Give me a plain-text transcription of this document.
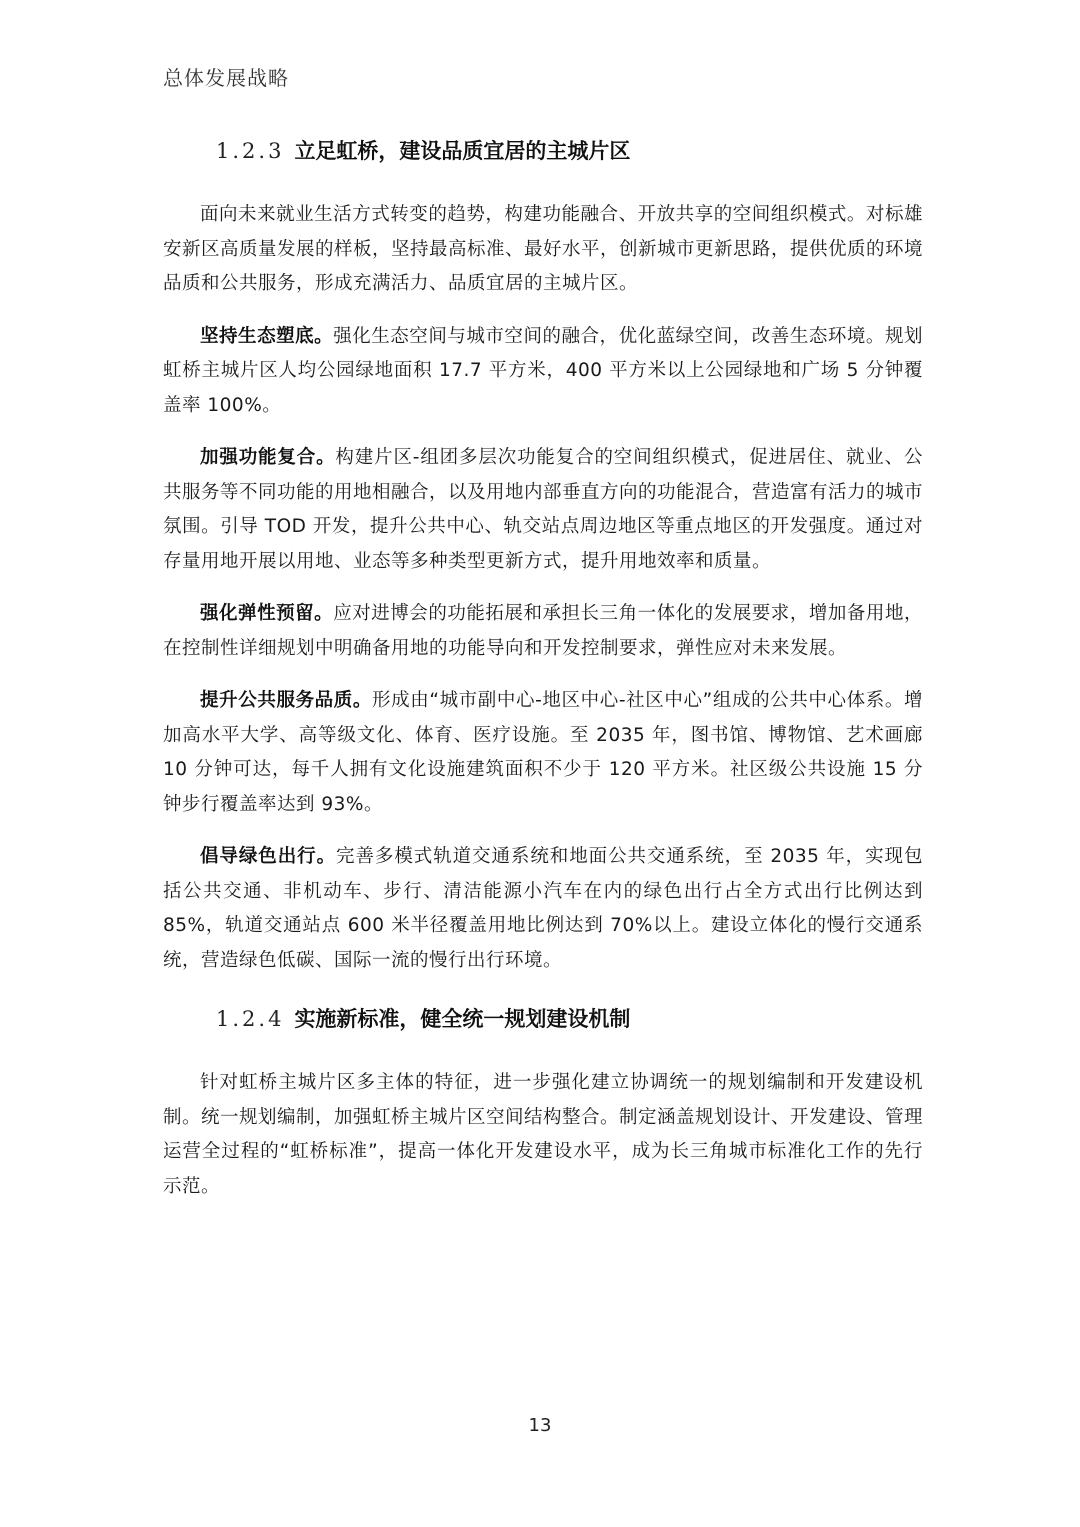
总体发展战略
1.2.3 立足虹桥，建设品质宜居的主城片区

面向未来就业生活方式转变的趋势，构建功能融合、开放共享的空间组织模式。对标雄安新区高质量发展的样板，坚持最高标准、最好水平，创新城市更新思路，提供优质的环境品质和公共服务，形成充满活力、品质宜居的主城片区。

坚持生态塑底。强化生态空间与城市空间的融合，优化蓝绿空间，改善生态环境。规划虹桥主城片区人均公园绿地面积 17.7 平方米，400 平方米以上公园绿地和广场 5 分钟覆盖率 100%。

加强功能复合。构建片区-组团多层次功能复合的空间组织模式，促进居住、就业、公共服务等不同功能的用地相融合，以及用地内部垂直方向的功能混合，营造富有活力的城市氛围。引导 TOD 开发，提升公共中心、轨交站点周边地区等重点地区的开发强度。通过对存量用地开展以用地、业态等多种类型更新方式，提升用地效率和质量。

强化弹性预留。应对进博会的功能拓展和承担长三角一体化的发展要求，增加备用地，在控制性详细规划中明确备用地的功能导向和开发控制要求，弹性应对未来发展。

提升公共服务品质。形成由“城市副中心-地区中心-社区中心”组成的公共中心体系。增加高水平大学、高等级文化、体育、医疗设施。至 2035 年，图书馆、博物馆、艺术画廊 10 分钟可达，每千人拥有文化设施建筑面积不少于 120 平方米。社区级公共设施 15 分钟步行覆盖率达到 93%。

倡导绿色出行。完善多模式轨道交通系统和地面公共交通系统，至 2035 年，实现包括公共交通、非机动车、步行、清洁能源小汽车在内的绿色出行占全方式出行比例达到 85%，轨道交通站点 600 米半径覆盖用地比例达到 70%以上。建设立体化的慢行交通系统，营造绿色低碳、国际一流的慢行出行环境。

1.2.4 实施新标准，健全统一规划建设机制

针对虹桥主城片区多主体的特征，进一步强化建立协调统一的规划编制和开发建设机制。统一规划编制，加强虹桥主城片区空间结构整合。制定涵盖规划设计、开发建设、管理运营全过程的“虹桥标准”，提高一体化开发建设水平，成为长三角城市标准化工作的先行示范。

13
